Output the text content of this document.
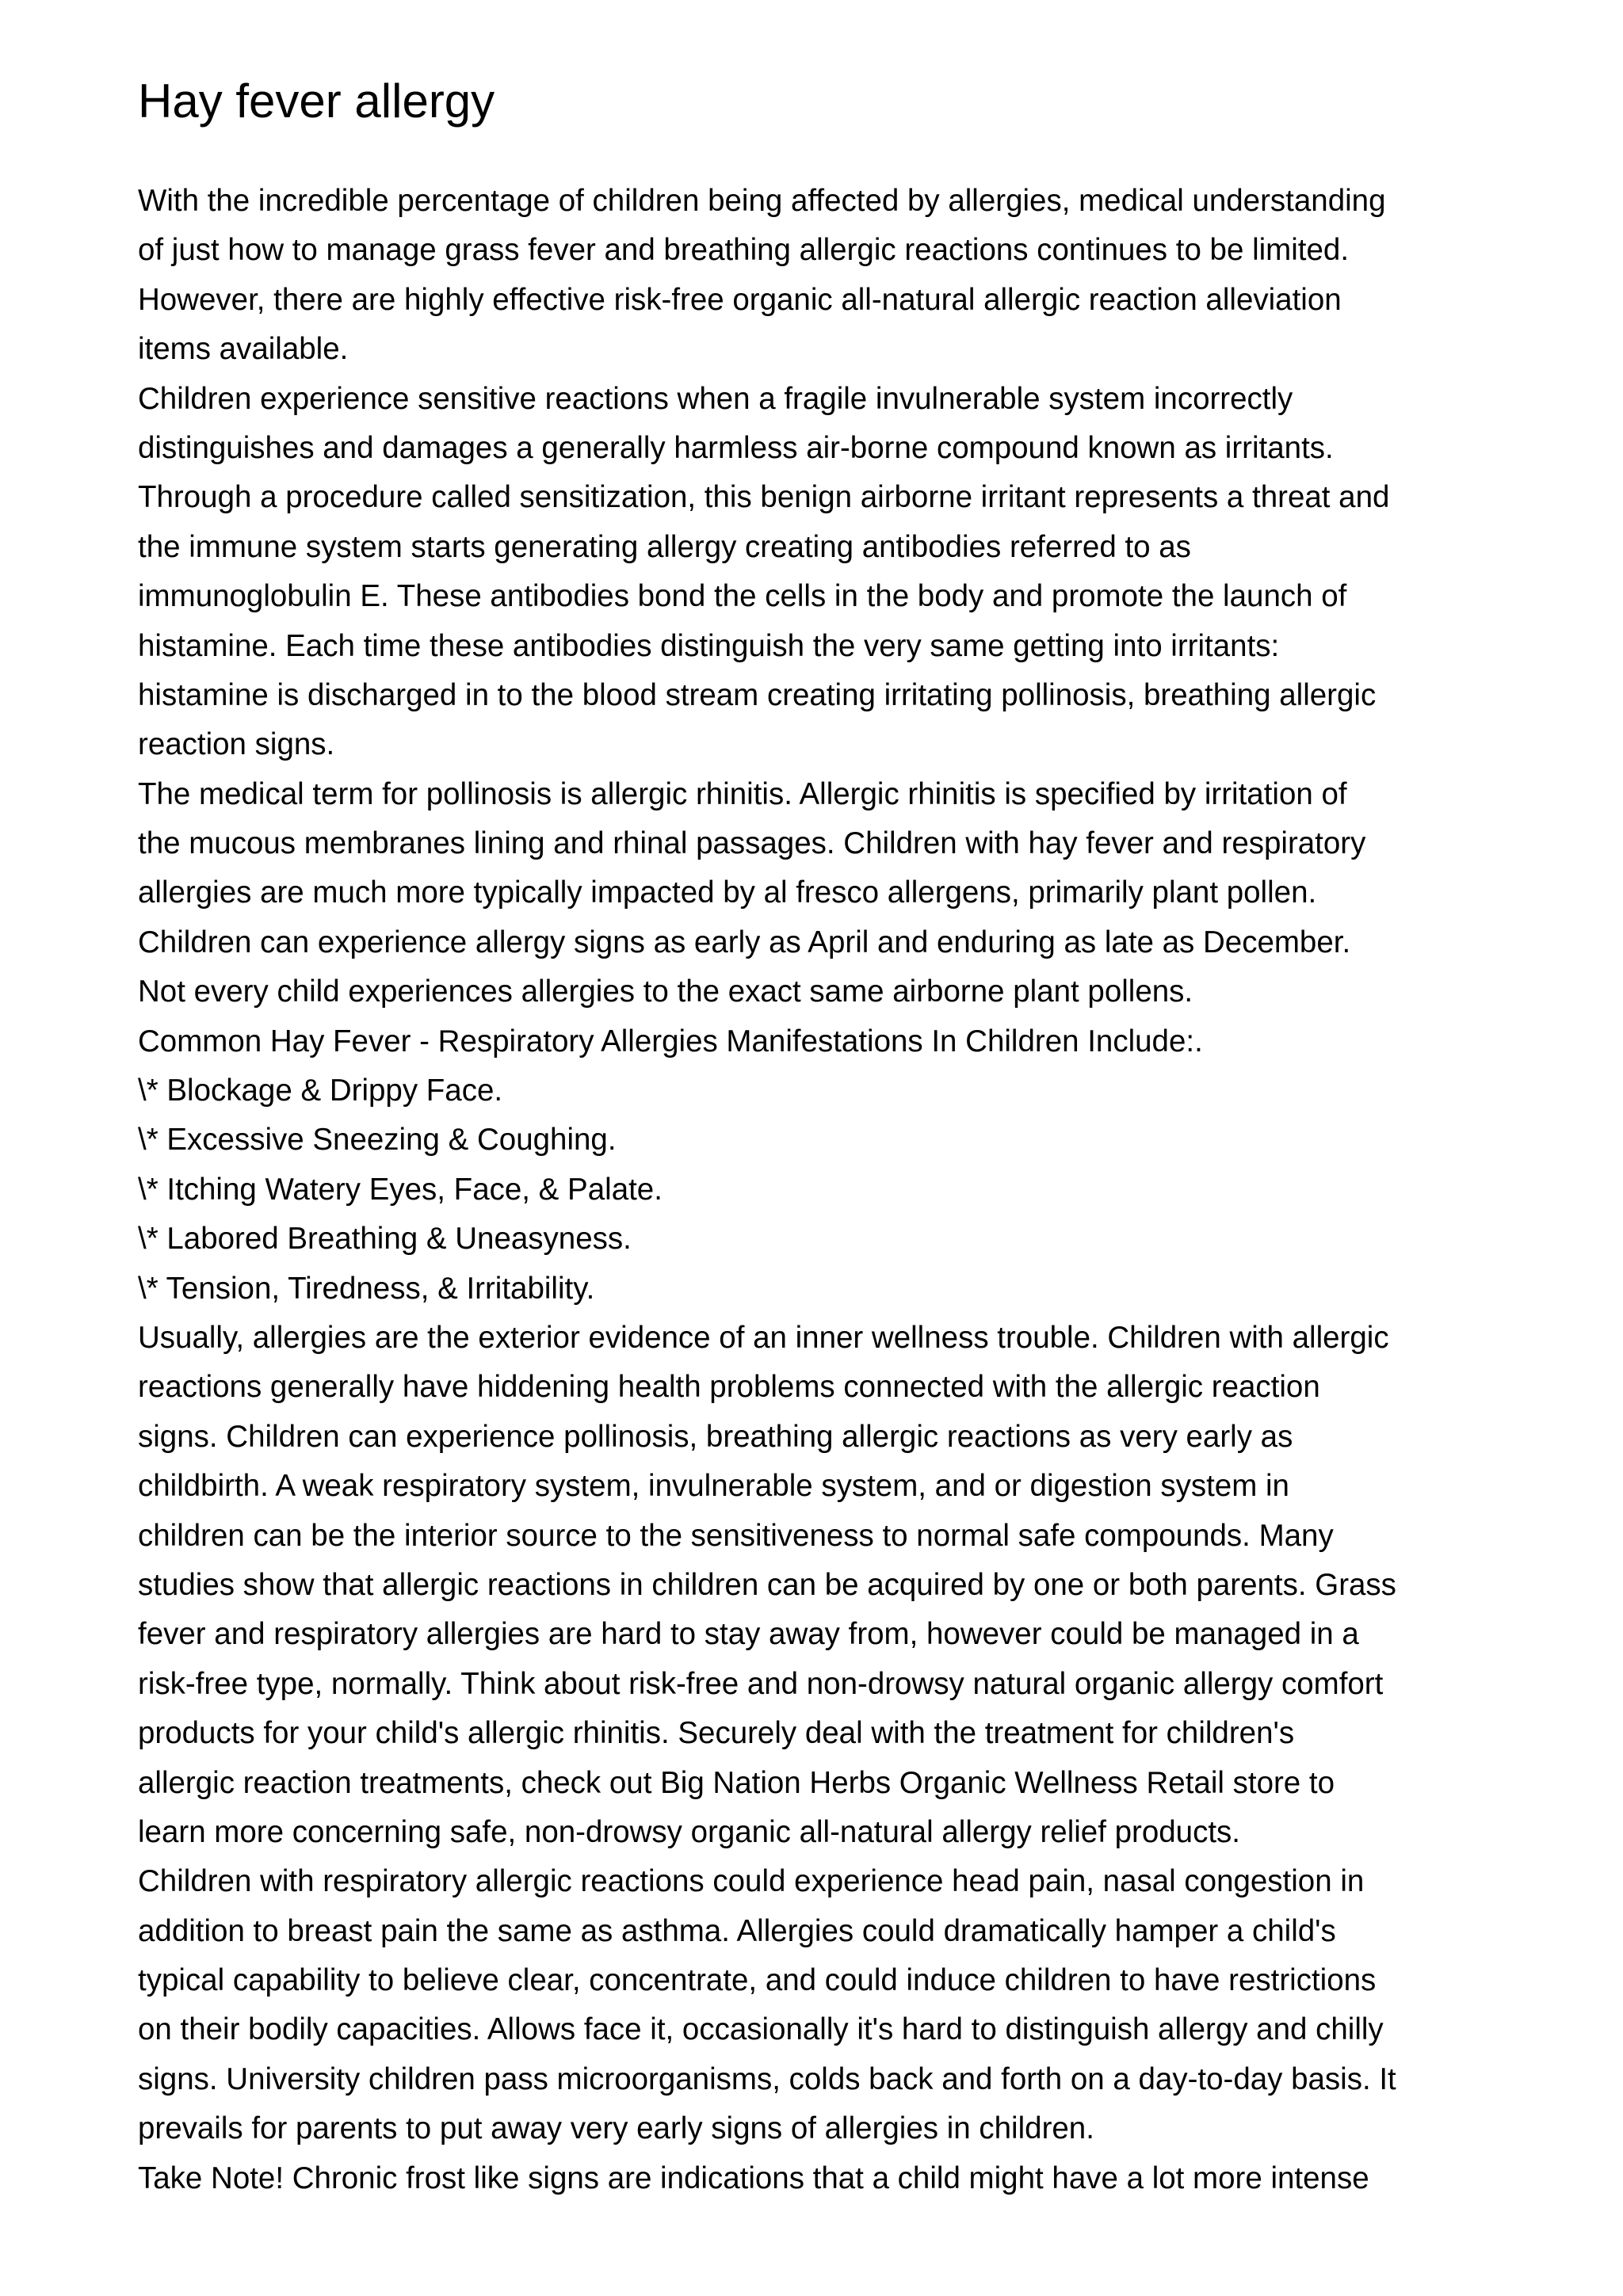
Hay fever allergy
With the incredible percentage of children being affected by allergies, medical understanding
of just how to manage grass fever and breathing allergic reactions continues to be limited.
However, there are highly effective risk-free organic all-natural allergic reaction alleviation
items available.
Children experience sensitive reactions when a fragile invulnerable system incorrectly
distinguishes and damages a generally harmless air-borne compound known as irritants.
Through a procedure called sensitization, this benign airborne irritant represents a threat and
the immune system starts generating allergy creating antibodies referred to as
immunoglobulin E. These antibodies bond the cells in the body and promote the launch of
histamine. Each time these antibodies distinguish the very same getting into irritants:
histamine is discharged in to the blood stream creating irritating pollinosis, breathing allergic
reaction signs.
The medical term for pollinosis is allergic rhinitis. Allergic rhinitis is specified by irritation of
the mucous membranes lining and rhinal passages. Children with hay fever and respiratory
allergies are much more typically impacted by al fresco allergens, primarily plant pollen.
Children can experience allergy signs as early as April and enduring as late as December.
Not every child experiences allergies to the exact same airborne plant pollens.
Common Hay Fever - Respiratory Allergies Manifestations In Children Include:.
\* Blockage & Drippy Face.
\* Excessive Sneezing & Coughing.
\* Itching Watery Eyes, Face, & Palate.
\* Labored Breathing & Uneasyness.
\* Tension, Tiredness, & Irritability.
Usually, allergies are the exterior evidence of an inner wellness trouble. Children with allergic
reactions generally have hiddening health problems connected with the allergic reaction
signs. Children can experience pollinosis, breathing allergic reactions as very early as
childbirth. A weak respiratory system, invulnerable system, and or digestion system in
children can be the interior source to the sensitiveness to normal safe compounds. Many
studies show that allergic reactions in children can be acquired by one or both parents. Grass
fever and respiratory allergies are hard to stay away from, however could be managed in a
risk-free type, normally. Think about risk-free and non-drowsy natural organic allergy comfort
products for your child's allergic rhinitis. Securely deal with the treatment for children's
allergic reaction treatments, check out Big Nation Herbs Organic Wellness Retail store to
learn more concerning safe, non-drowsy organic all-natural allergy relief products.
Children with respiratory allergic reactions could experience head pain, nasal congestion in
addition to breast pain the same as asthma. Allergies could dramatically hamper a child's
typical capability to believe clear, concentrate, and could induce children to have restrictions
on their bodily capacities. Allows face it, occasionally it's hard to distinguish allergy and chilly
signs. University children pass microorganisms, colds back and forth on a day-to-day basis. It
prevails for parents to put away very early signs of allergies in children.
Take Note! Chronic frost like signs are indications that a child might have a lot more intense
